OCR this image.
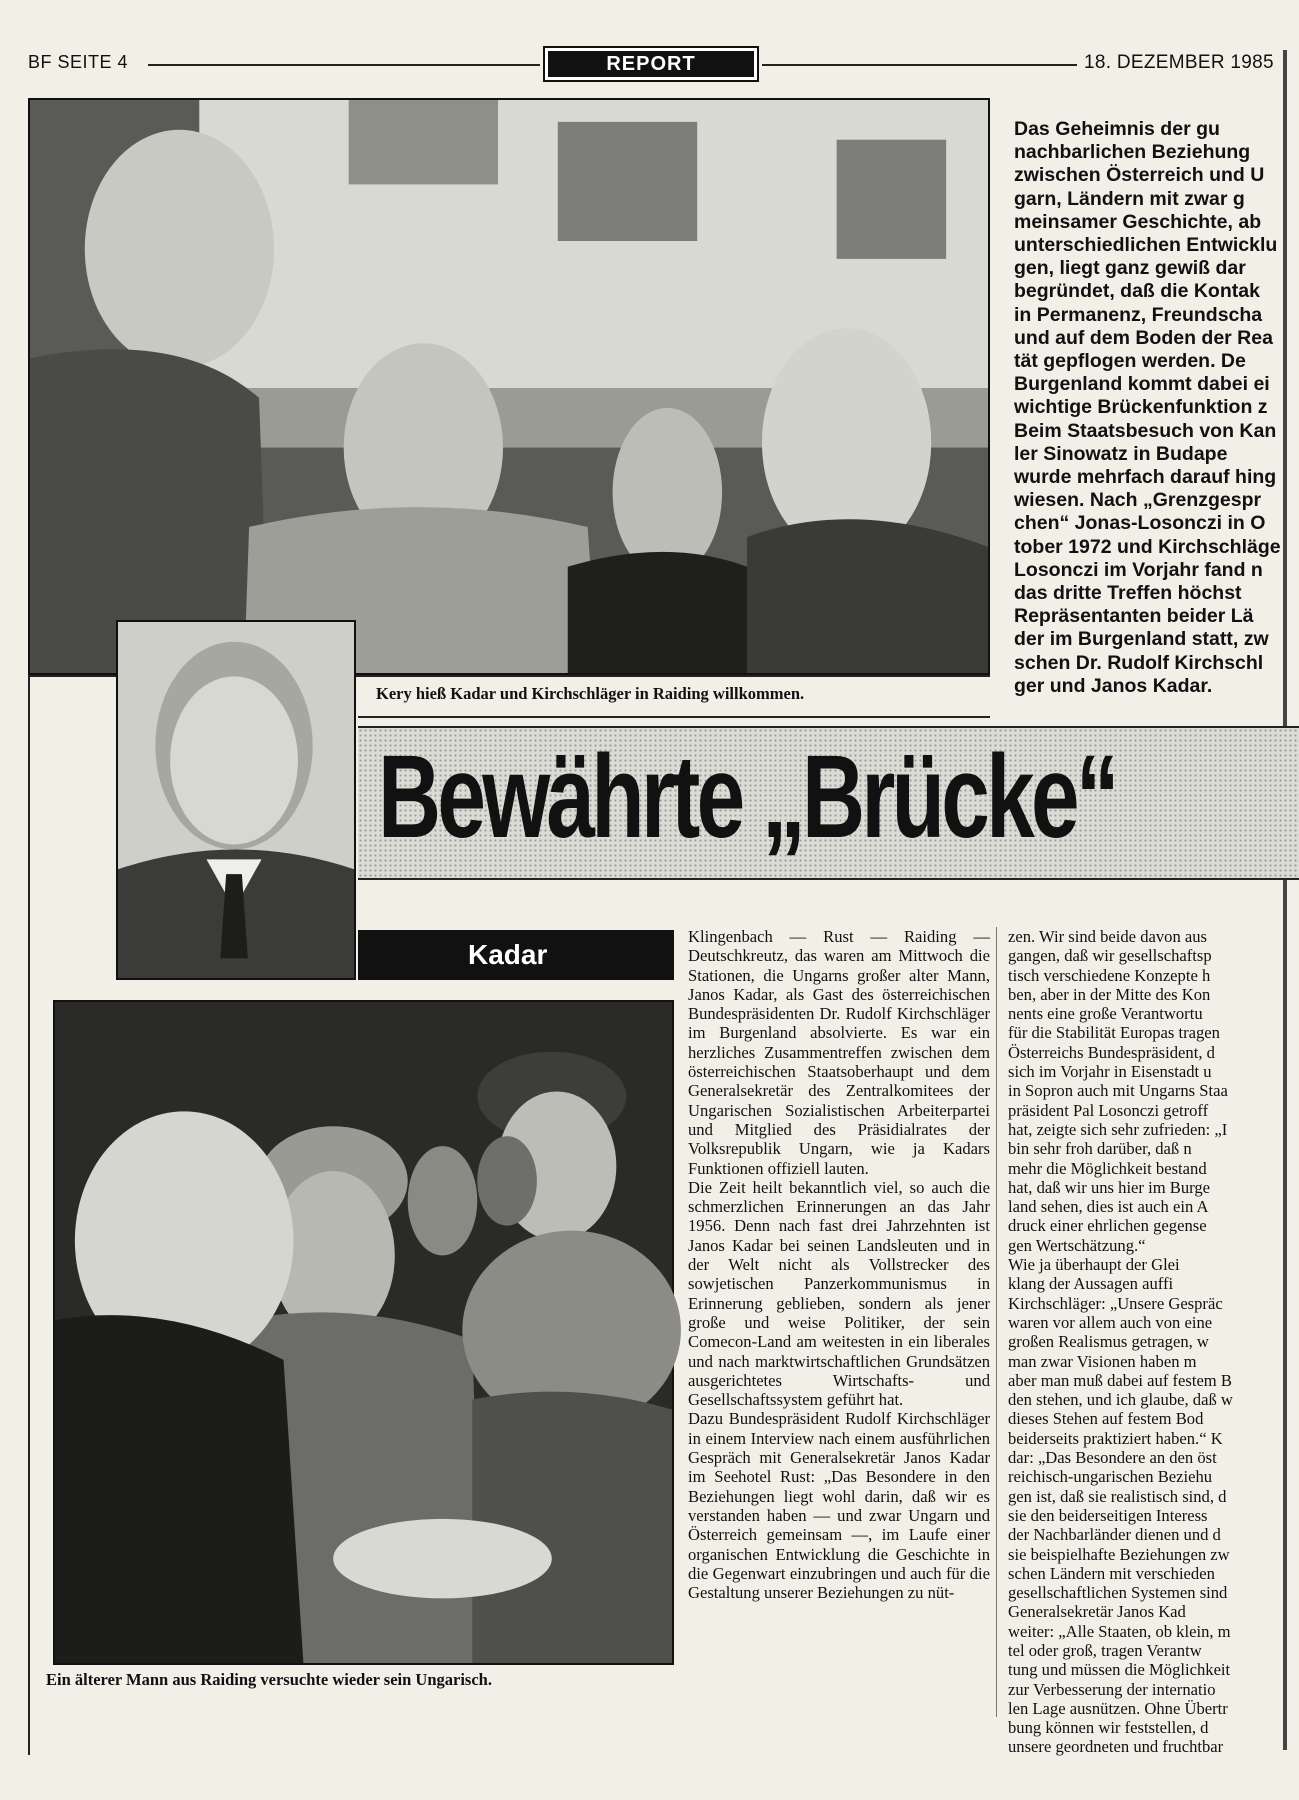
BF SEITE 4	REPORT	18. DEZEMBER 1985
Kery hieß Kadar und Kirchschläger in Raiding willkommen.
Das Geheimnis der gu
nachbarlichen Beziehung
zwischen Österreich und U
garn, Ländern mit zwar g
meinsamer Geschichte, ab
unterschiedlichen Entwicklu
gen, liegt ganz gewiß dar
begründet, daß die Kontak
in Permanenz, Freundscha
und auf dem Boden der Rea
tät gepflogen werden. De
Burgenland kommt dabei ei
wichtige Brückenfunktion z
Beim Staatsbesuch von Kan
ler Sinowatz in Budape
wurde mehrfach darauf hing
wiesen. Nach „Grenzgespr
chen“ Jonas-Losonczi in O
tober 1972 und Kirchschläge
Losonczi im Vorjahr fand n
das dritte Treffen höchst
Repräsentanten beider Lä
der im Burgenland statt, zw
schen Dr. Rudolf Kirchschl
ger und Janos Kadar.
Bewährte „Brücke“
Kadar
Ein älterer Mann aus Raiding versuchte wieder sein Ungarisch.
Klingenbach — Rust — Raiding — Deutschkreutz, das waren am Mittwoch die Stationen, die Ungarns großer alter Mann, Janos Kadar, als Gast des österreichischen Bundespräsidenten Dr. Rudolf Kirchschläger im Burgenland absolvierte. Es war ein herzliches Zusammentreffen zwischen dem österreichischen Staatsoberhaupt und dem Generalsekretär des Zentralkomitees der Ungarischen Sozialistischen Arbeiterpartei und Mitglied des Präsidialrates der Volksrepublik Ungarn, wie ja Kadars Funktionen offiziell lauten.
Die Zeit heilt bekanntlich viel, so auch die schmerzlichen Erinnerungen an das Jahr 1956. Denn nach fast drei Jahrzehnten ist Janos Kadar bei seinen Landsleuten und in der Welt nicht als Vollstrecker des sowjetischen Panzerkommunismus in Erinnerung geblieben, sondern als jener große und weise Politiker, der sein Comecon-Land am weitesten in ein liberales und nach marktwirtschaftlichen Grundsätzen ausgerichtetes Wirtschafts- und Gesellschaftssystem geführt hat.
Dazu Bundespräsident Rudolf Kirchschläger in einem Interview nach einem ausführlichen Gespräch mit Generalsekretär Janos Kadar im Seehotel Rust: „Das Besondere in den Beziehungen liegt wohl darin, daß wir es verstanden haben — und zwar Ungarn und Österreich gemeinsam —, im Laufe einer organischen Entwicklung die Geschichte in die Gegenwart einzubringen und auch für die Gestaltung unserer Beziehungen zu nüt-
zen. Wir sind beide davon aus
gangen, daß wir gesellschaftsp
tisch verschiedene Konzepte h
ben, aber in der Mitte des Kon
nents eine große Verantwortu
für die Stabilität Europas tragen
Österreichs Bundespräsident, d
sich im Vorjahr in Eisenstadt u
in Sopron auch mit Ungarns Staa
präsident Pal Losonczi getroff
hat, zeigte sich sehr zufrieden: „I
bin sehr froh darüber, daß n
mehr die Möglichkeit bestand
hat, daß wir uns hier im Burge
land sehen, dies ist auch ein A
druck einer ehrlichen gegense
gen Wertschätzung.“
Wie ja überhaupt der Glei
klang der Aussagen auffi
Kirchschläger: „Unsere Gespräc
waren vor allem auch von eine
großen Realismus getragen, w
man zwar Visionen haben m
aber man muß dabei auf festem B
den stehen, und ich glaube, daß w
dieses Stehen auf festem Bod
beiderseits praktiziert haben.“ K
dar: „Das Besondere an den öst
reichisch-ungarischen Beziehu
gen ist, daß sie realistisch sind, d
sie den beiderseitigen Interess
der Nachbarländer dienen und d
sie beispielhafte Beziehungen zw
schen Ländern mit verschieden
gesellschaftlichen Systemen sind
Generalsekretär Janos Kad
weiter: „Alle Staaten, ob klein, m
tel oder groß, tragen Verantw
tung und müssen die Möglichkeit
zur Verbesserung der internatio
len Lage ausnützen. Ohne Übertr
bung können wir feststellen, d
unsere geordneten und fruchtbar
